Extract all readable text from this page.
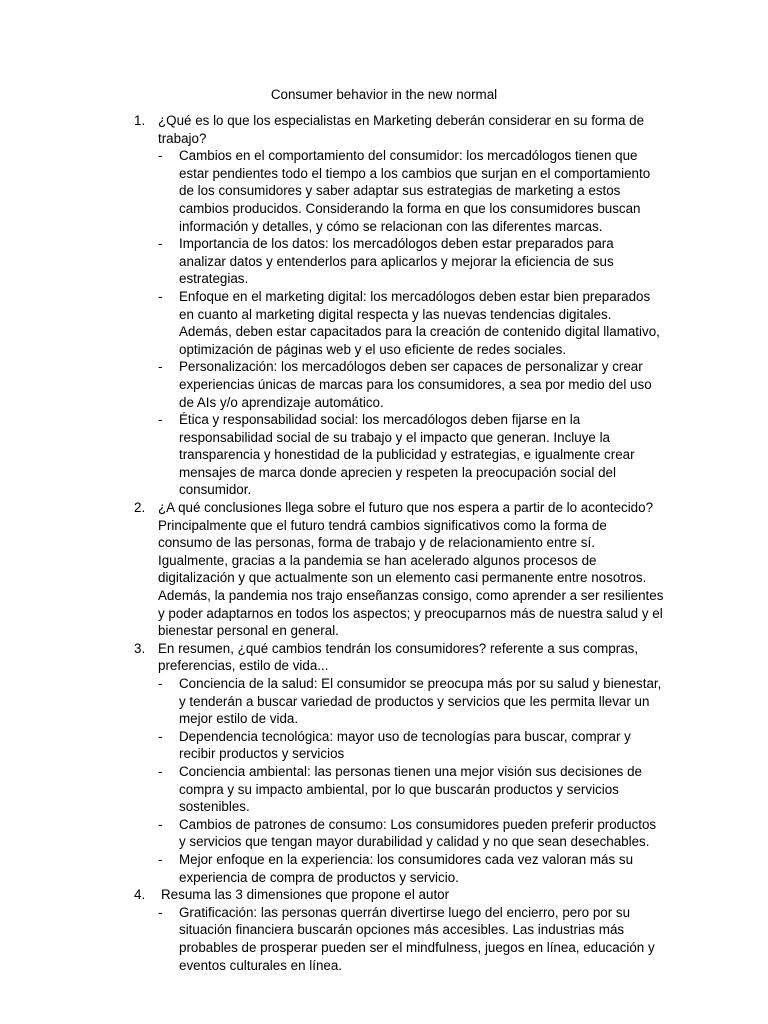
Consumer behavior in the new normal
1. ¿Qué es lo que los especialistas en Marketing deberán considerar en su forma de trabajo?
- Cambios en el comportamiento del consumidor: los mercadólogos tienen que estar pendientes todo el tiempo a los cambios que surjan en el comportamiento de los consumidores y saber adaptar sus estrategias de marketing a estos cambios producidos. Considerando la forma en que los consumidores buscan información y detalles, y cómo se relacionan con las diferentes marcas.
- Importancia de los datos: los mercadólogos deben estar preparados para analizar datos y entenderlos para aplicarlos y mejorar la eficiencia de sus estrategias.
- Enfoque en el marketing digital: los mercadólogos deben estar bien preparados en cuanto al marketing digital respecta y las nuevas tendencias digitales. Además, deben estar capacitados para la creación de contenido digital llamativo, optimización de páginas web y el uso eficiente de redes sociales.
- Personalización: los mercadólogos deben ser capaces de personalizar y crear experiencias únicas de marcas para los consumidores, a sea por medio del uso de AIs y/o aprendizaje automático.
- Ética y responsabilidad social: los mercadólogos deben fijarse en la responsabilidad social de su trabajo y el impacto que generan. Incluye la transparencia y honestidad de la publicidad y estrategias, e igualmente crear mensajes de marca donde aprecien y respeten la preocupación social del consumidor.
2. ¿A qué conclusiones llega sobre el futuro que nos espera a partir de lo acontecido?
Principalmente que el futuro tendrá cambios significativos como la forma de consumo de las personas, forma de trabajo y de relacionamiento entre sí. Igualmente, gracias a la pandemia se han acelerado algunos procesos de digitalización y que actualmente son un elemento casi permanente entre nosotros. Además, la pandemia nos trajo enseñanzas consigo, como aprender a ser resilientes y poder adaptarnos en todos los aspectos; y preocuparnos más de nuestra salud y el bienestar personal en general.
3. En resumen, ¿qué cambios tendrán los consumidores? referente a sus compras, preferencias, estilo de vida...
- Conciencia de la salud: El consumidor se preocupa más por su salud y bienestar, y tenderán a buscar variedad de productos y servicios que les permita llevar un mejor estilo de vida.
- Dependencia tecnológica: mayor uso de tecnologías para buscar, comprar y recibir productos y servicios
- Conciencia ambiental: las personas tienen una mejor visión sus decisiones de compra y su impacto ambiental, por lo que buscarán productos y servicios sostenibles.
- Cambios de patrones de consumo: Los consumidores pueden preferir productos y servicios que tengan mayor durabilidad y calidad y no que sean desechables.
- Mejor enfoque en la experiencia: los consumidores cada vez valoran más su experiencia de compra de productos y servicio.
4.	Resuma las 3 dimensiones que propone el autor
- Gratificación: las personas querrán divertirse luego del encierro, pero por su situación financiera buscarán opciones más accesibles. Las industrias más probables de prosperar pueden ser el mindfulness, juegos en línea, educación y eventos culturales en línea.
